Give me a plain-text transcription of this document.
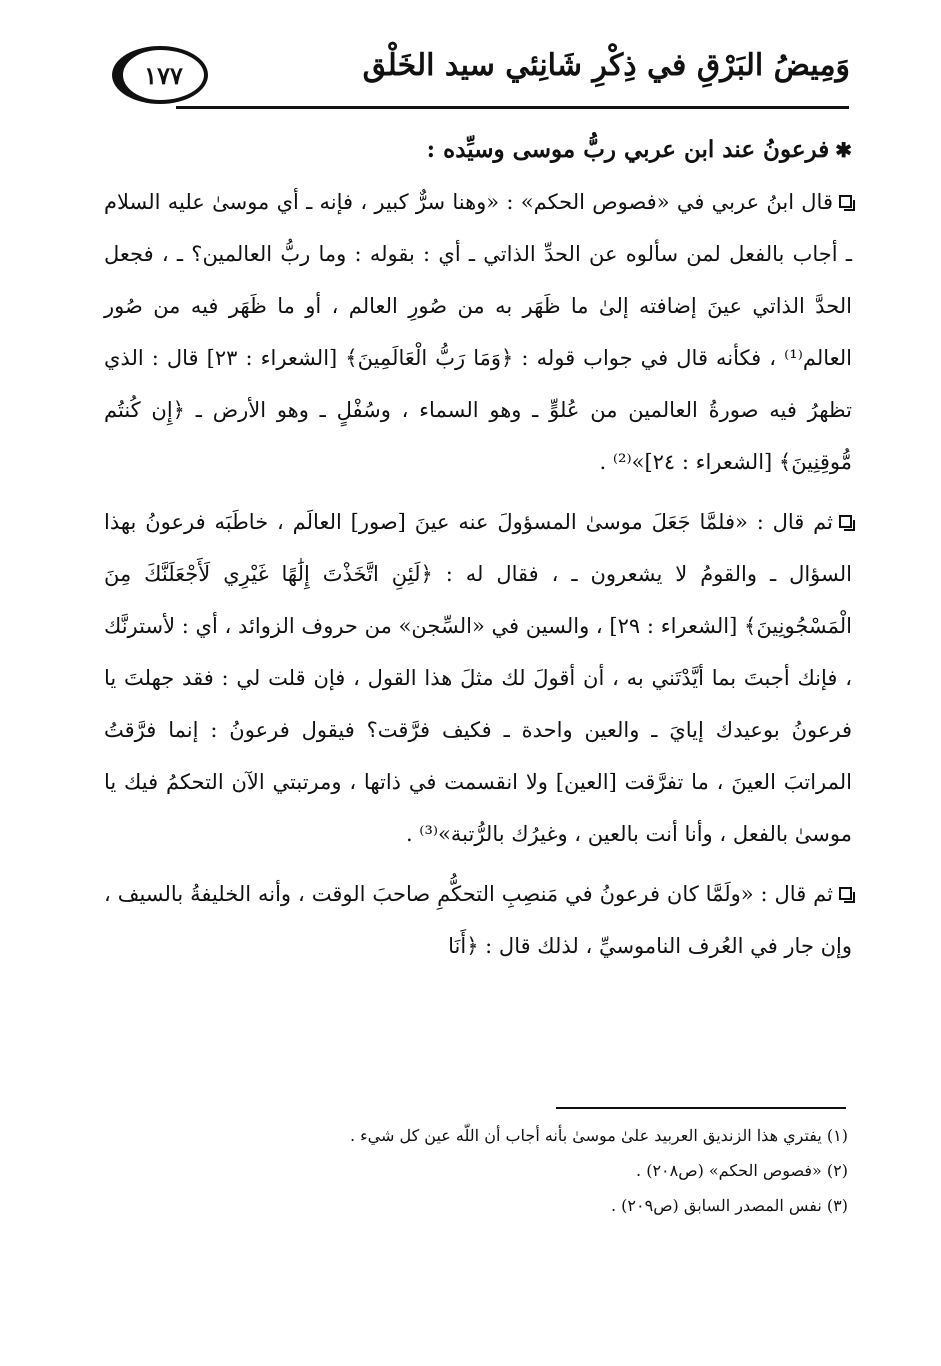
وَمِيضُ البَرْقِ في ذِكْرِ شَانِئي سيد الخَلْق
١٧٧

✱فرعونُ عند ابن عربي ربُّ موسى وسيِّده :

قال ابنُ عربي في «فصوص الحكم» : «وهنا سرٌّ كبير ، فإنه ـ أي موسىٰ عليه السلام ـ أجاب بالفعل لمن سألوه عن الحدِّ الذاتي ـ أي : بقوله : وما ربُّ العالمين؟ ـ ، فجعل الحدَّ الذاتي عينَ إضافته إلىٰ ما ظَهَر به من صُورِ العالم ، أو ما ظَهَر فيه من صُور العالم⁽¹⁾ ، فكأنه قال في جواب قوله : ﴿وَمَا رَبُّ الْعَالَمِينَ﴾ [الشعراء : ٢٣] قال : الذي تظهرُ فيه صورةُ العالمين من عُلوٍّ ـ وهو السماء ، وسُفْلٍ ـ وهو الأرض ـ ﴿إِن كُنتُم مُّوقِنِينَ﴾ [الشعراء : ٢٤]»⁽²⁾ .

ثم قال : «فلمَّا جَعَلَ موسىٰ المسؤولَ عنه عينَ [صور] العالَم ، خاطَبَه فرعونُ بهذا السؤال ـ والقومُ لا يشعرون ـ ، فقال له : ﴿لَئِنِ اتَّخَذْتَ إِلَٰهًا غَيْرِي لَأَجْعَلَنَّكَ مِنَ الْمَسْجُونِينَ﴾ [الشعراء : ٢٩] ، والسين في «السِّجن» من حروف الزوائد ، أي : لأسترنَّك ، فإنك أجبتَ بما أيَّدْتَني به ، أن أقولَ لك مثلَ هذا القول ، فإن قلت لي : فقد جهلتَ يا فرعونُ بوعيدك إيايَ ـ والعين واحدة ـ فكيف فرَّقت؟ فيقول فرعونُ : إنما فرَّقتُ المراتبَ العينَ ، ما تفرَّقت [العين] ولا انقسمت في ذاتها ، ومرتبتي الآن التحكمُ فيك يا موسىٰ بالفعل ، وأنا أنت بالعين ، وغيرُك بالرُّتبة»⁽³⁾ .

ثم قال : «ولَمَّا كان فرعونُ في مَنصِبِ التحكُّمِ صاحبَ الوقت ، وأنه الخليفةُ بالسيف ، وإن جار في العُرف الناموسيِّ ، لذلك قال : ﴿أَنَا

(١) يفتري هذا الزنديق العربيد علىٰ موسىٰ بأنه أجاب أن اللّه عين كل شيء .

(٢) «فصوص الحكم» (ص٢٠٨) .

(٣) نفس المصدر السابق (ص٢٠٩) .
